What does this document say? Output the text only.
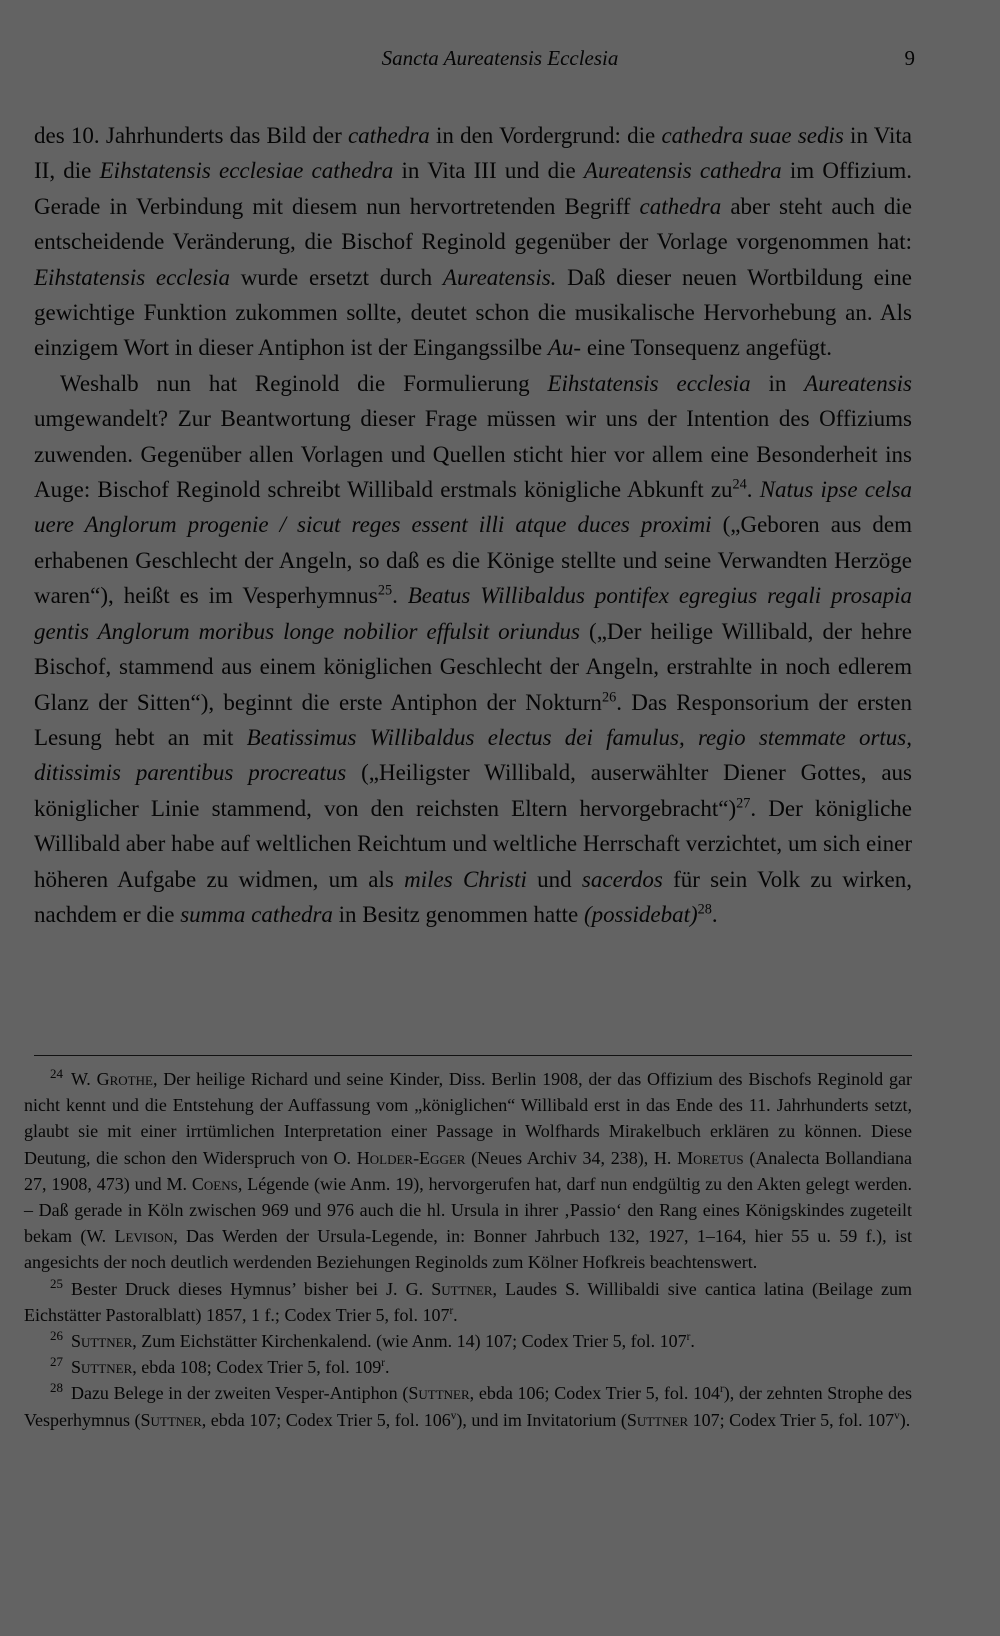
Sancta Aureatensis Ecclesia	9

des 10. Jahrhunderts das Bild der cathedra in den Vordergrund: die cathedra suae sedis in Vita II, die Eihstatensis ecclesiae cathedra in Vita III und die Aureatensis cathedra im Offizium. Gerade in Verbindung mit diesem nun hervortretenden Begriff cathedra aber steht auch die entscheidende Veränderung, die Bischof Reginold gegenüber der Vorlage vorgenommen hat: Eihstatensis ecclesia wurde ersetzt durch Aureatensis. Daß dieser neuen Wortbildung eine gewichtige Funktion zukommen sollte, deutet schon die musikalische Hervorhebung an. Als einzigem Wort in dieser Antiphon ist der Eingangssilbe Au- eine Tonsequenz angefügt.

Weshalb nun hat Reginold die Formulierung Eihstatensis ecclesia in Aureatensis umgewandelt? Zur Beantwortung dieser Frage müssen wir uns der Intention des Offiziums zuwenden. Gegenüber allen Vorlagen und Quellen sticht hier vor allem eine Besonderheit ins Auge: Bischof Reginold schreibt Willibald erstmals königliche Abkunft $zu^{24}$. Natus ipse celsa uere Anglorum progenie / sicut reges essent illi atque duces proximi („Geboren aus dem erhabenen Geschlecht der Angeln, so daß es die Könige stellte und seine Verwandten Herzöge waren“), heißt es im Vesperhymnus$^{25}$. Beatus Willibaldus pontifex egregius regali prosapia gentis Anglorum moribus longe nobilior effulsit oriundus („Der heilige Willibald, der hehre Bischof, stammend aus einem königlichen Geschlecht der Angeln, erstrahlte in noch edlerem Glanz der Sitten“), beginnt die erste Antiphon der Nokturn$^{26}$. Das Responsorium der ersten Lesung hebt an mit Beatissimus Willibaldus electus dei famulus, regio stemmate ortus, ditissimis parentibus procreatus („Heiligster Willibald, auserwählter Diener Gottes, aus königlicher Linie stammend, von den reichsten Eltern hervorgebracht“)$^{27}$. Der königliche Willibald aber habe auf weltlichen Reichtum und weltliche Herrschaft verzichtet, um sich einer höheren Aufgabe zu widmen, um als miles Christi und sacerdos für sein Volk zu wirken, nachdem er die summa cathedra in Besitz genommen hatte (possidebat)$^{28}$.

$^{24}$ W. Grothe, Der heilige Richard und seine Kinder, Diss. Berlin 1908, der das Offizium des Bischofs Reginold gar nicht kennt und die Entstehung der Auffassung vom „königlichen“ Willibald erst in das Ende des 11. Jahrhunderts setzt, glaubt sie mit einer irrtümlichen Interpretation einer Passage in Wolfhards Mirakelbuch erklären zu können. Diese Deutung, die schon den Widerspruch von O. Holder-Egger (Neues Archiv 34, 238), H. Moretus (Analecta Bollandiana 27, 1908, 473) und M. Coens, Légende (wie Anm. 19), hervorgerufen hat, darf nun endgültig zu den Akten gelegt werden. – Daß gerade in Köln zwischen 969 und 976 auch die hl. Ursula in ihrer ‚Passio‘ den Rang eines Königskindes zugeteilt bekam (W. Levison, Das Werden der Ursula-Legende, in: Bonner Jahrbuch 132, 1927, 1–164, hier 55 u. 59 f.), ist angesichts der noch deutlich werdenden Beziehungen Reginolds zum Kölner Hofkreis beachtenswert.

$^{25}$ Bester Druck dieses Hymnus’ bisher bei J. G. Suttner, Laudes S. Willibaldi sive cantica latina (Beilage zum Eichstätter Pastoralblatt) 1857, 1 f.; Codex Trier 5, fol. 107$^r$.

$^{26}$ Suttner, Zum Eichstätter Kirchenkalend. (wie Anm. 14) 107; Codex Trier 5, fol. 107$^r$.

$^{27}$ Suttner, ebda 108; Codex Trier 5, fol. 109$^r$.

$^{28}$ Dazu Belege in der zweiten Vesper-Antiphon (Suttner, ebda 106; Codex Trier 5, fol. 104$^r$), der zehnten Strophe des Vesperhymnus (Suttner, ebda 107; Codex Trier 5, fol. 106$^v$), und im Invitatorium (Suttner 107; Codex Trier 5, fol. 107$^v$).
